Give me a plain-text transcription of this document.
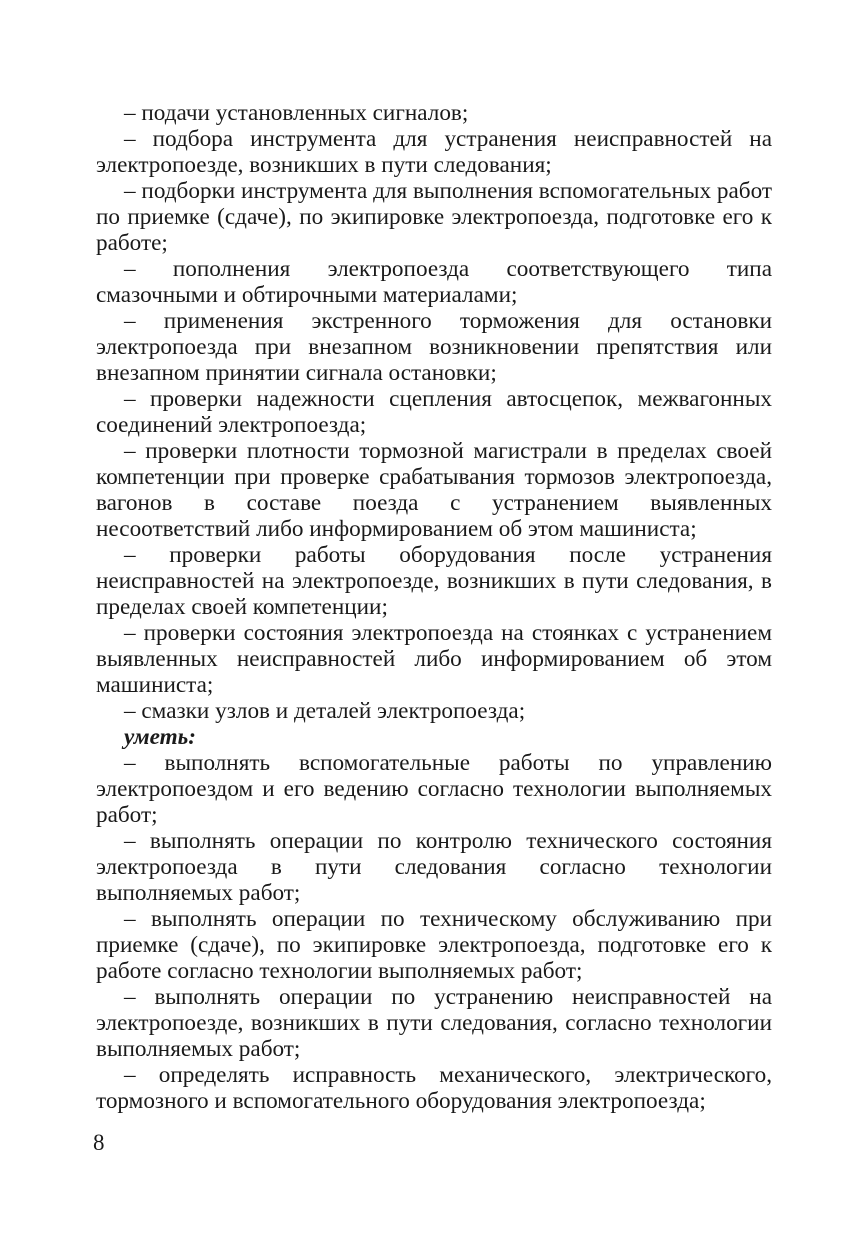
– подачи установленных сигналов;

– подбора инструмента для устранения неисправностей на электропоезде, возникших в пути следования;

– подборки инструмента для выполнения вспомогательных работ по приемке (сдаче), по экипировке электропоезда, подготовке его к работе;

– пополнения электропоезда соответствующего типа смазочными и обтирочными материалами;

– применения экстренного торможения для остановки электропоезда при внезапном возникновении препятствия или внезапном принятии сигнала остановки;

– проверки надежности сцепления автосцепок, межвагонных соединений электропоезда;

– проверки плотности тормозной магистрали в пределах своей компетенции при проверке срабатывания тормозов электропоезда, вагонов в составе поезда с устранением выявленных несоответствий либо информированием об этом машиниста;

– проверки работы оборудования после устранения неисправностей на электропоезде, возникших в пути следования, в пределах своей компетенции;

– проверки состояния электропоезда на стоянках с устранением выявленных неисправностей либо информированием об этом машиниста;

– смазки узлов и деталей электропоезда;

уметь:

– выполнять вспомогательные работы по управлению электропоездом и его ведению согласно технологии выполняемых работ;

– выполнять операции по контролю технического состояния электропоезда в пути следования согласно технологии выполняемых работ;

– выполнять операции по техническому обслуживанию при приемке (сдаче), по экипировке электропоезда, подготовке его к работе согласно технологии выполняемых работ;

– выполнять операции по устранению неисправностей на электропоезде, возникших в пути следования, согласно технологии выполняемых работ;

– определять исправность механического, электрического, тормозного и вспомогательного оборудования электропоезда;

8
